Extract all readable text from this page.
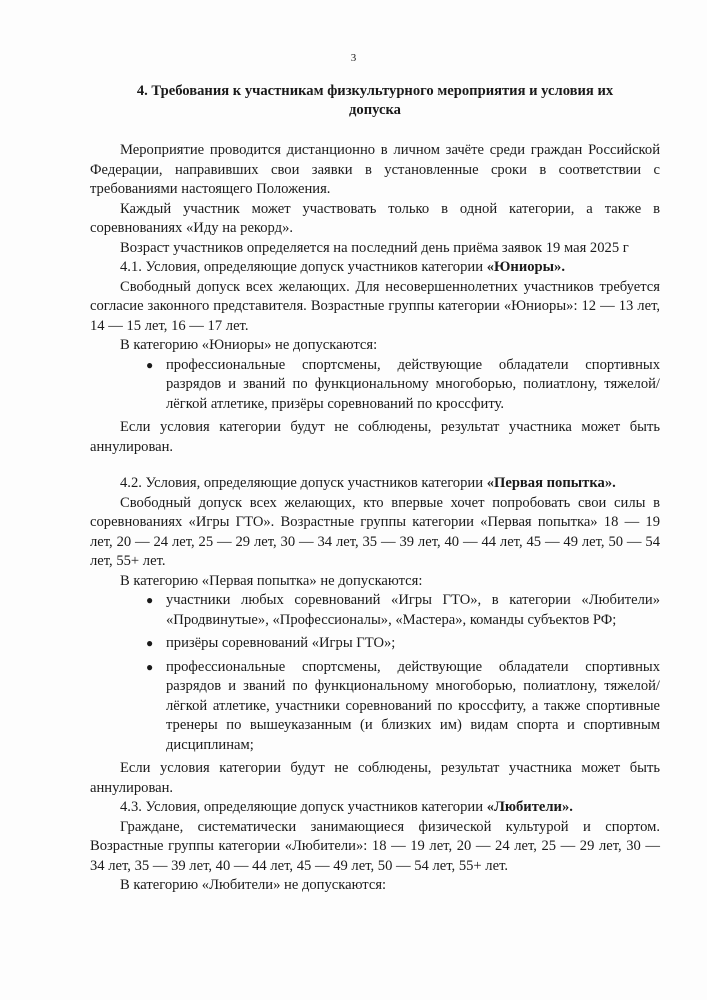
3
4. Требования к участникам физкультурного мероприятия и условия их допуска

Мероприятие проводится дистанционно в личном зачёте среди граждан Российской Федерации, направивших свои заявки в установленные сроки в соответствии с требованиями настоящего Положения.

Каждый участник может участвовать только в одной категории, а также в соревнованиях «Иду на рекорд».

Возраст участников определяется на последний день приёма заявок 19 мая 2025 г

4.1. Условия, определяющие допуск участников категории «Юниоры».

Свободный допуск всех желающих. Для несовершеннолетних участников требуется согласие законного представителя. Возрастные группы категории «Юниоры»: 12 — 13 лет, 14 — 15 лет, 16 — 17 лет.

В категорию «Юниоры» не допускаются:

● профессиональные спортсмены, действующие обладатели спортивных разрядов и званий по функциональному многоборью, полиатлону, тяжелой/лёгкой атлетике, призёры соревнований по кроссфиту.

Если условия категории будут не соблюдены, результат участника может быть аннулирован.

4.2. Условия, определяющие допуск участников категории «Первая попытка».

Свободный допуск всех желающих, кто впервые хочет попробовать свои силы в соревнованиях «Игры ГТО». Возрастные группы категории «Первая попытка» 18 — 19 лет, 20 — 24 лет, 25 — 29 лет, 30 — 34 лет, 35 — 39 лет, 40 — 44 лет, 45 — 49 лет, 50 — 54 лет, 55+ лет.

В категорию «Первая попытка» не допускаются:

● участники любых соревнований «Игры ГТО», в категории «Любители» «Продвинутые», «Профессионалы», «Мастера», команды субъектов РФ;
● призёры соревнований «Игры ГТО»;
● профессиональные спортсмены, действующие обладатели спортивных разрядов и званий по функциональному многоборью, полиатлону, тяжелой/лёгкой атлетике, участники соревнований по кроссфиту, а также спортивные тренеры по вышеуказанным (и близких им) видам спорта и спортивным дисциплинам;

Если условия категории будут не соблюдены, результат участника может быть аннулирован.

4.3. Условия, определяющие допуск участников категории «Любители».

Граждане, систематически занимающиеся физической культурой и спортом. Возрастные группы категории «Любители»: 18 — 19 лет, 20 — 24 лет, 25 — 29 лет, 30 — 34 лет, 35 — 39 лет, 40 — 44 лет, 45 — 49 лет, 50 — 54 лет, 55+ лет.

В категорию «Любители» не допускаются:
